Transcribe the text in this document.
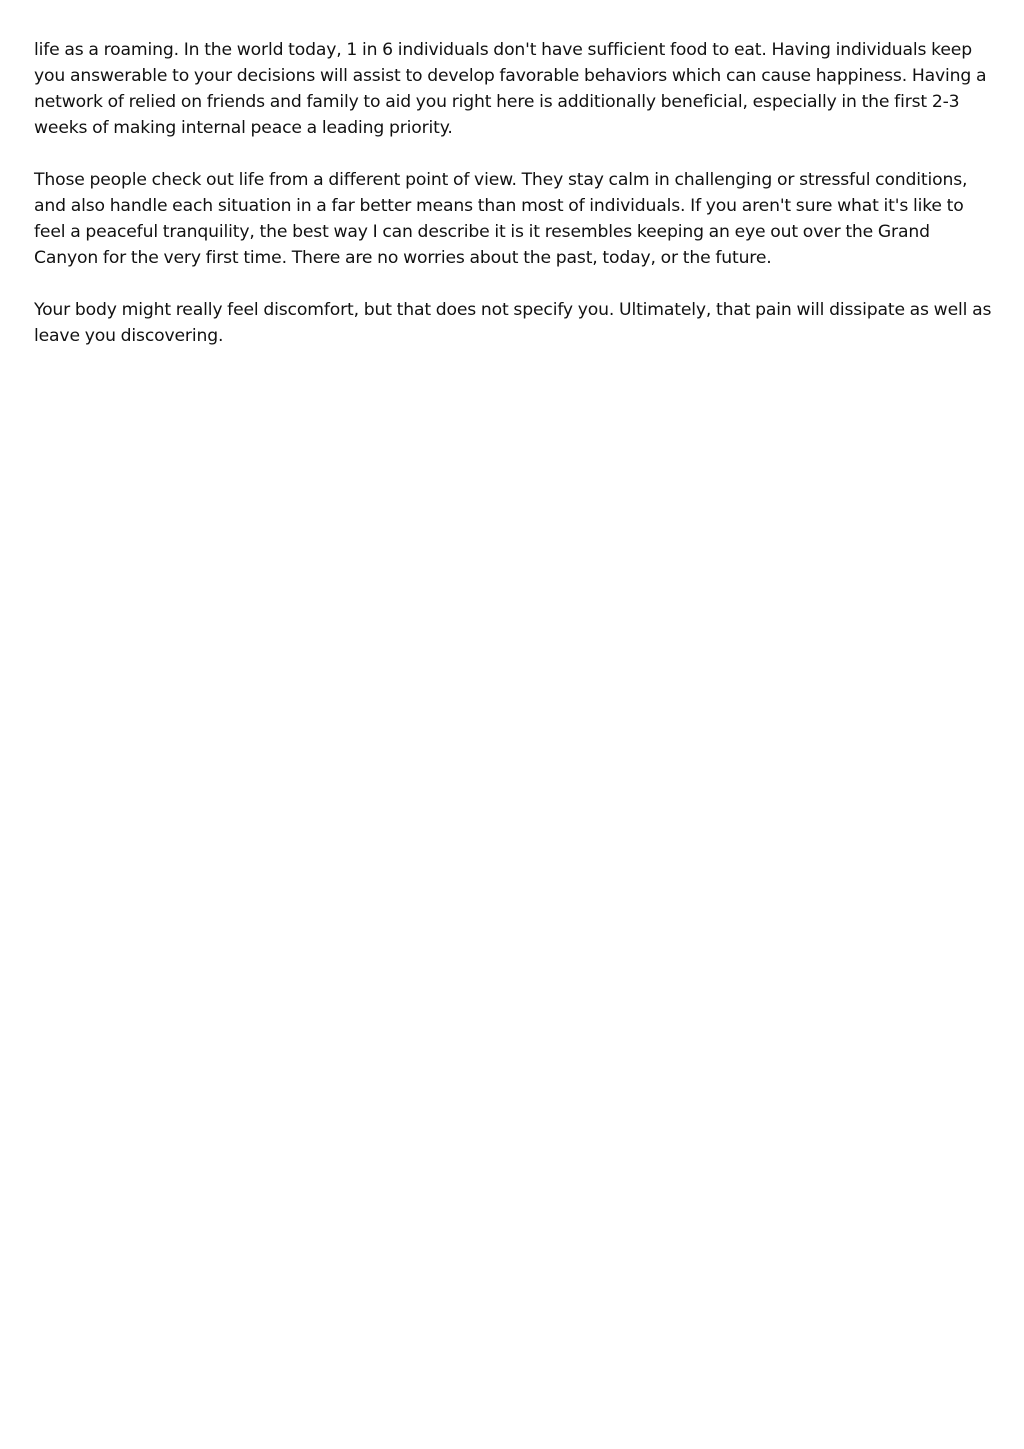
life as a roaming. In the world today, 1 in 6 individuals don't have sufficient food to eat. Having individuals keep you answerable to your decisions will assist to develop favorable behaviors which can cause happiness. Having a network of relied on friends and family to aid you right here is additionally beneficial, especially in the first 2-3 weeks of making internal peace a leading priority.

Those people check out life from a different point of view. They stay calm in challenging or stressful conditions, and also handle each situation in a far better means than most of individuals. If you aren't sure what it's like to feel a peaceful tranquility, the best way I can describe it is it resembles keeping an eye out over the Grand Canyon for the very first time. There are no worries about the past, today, or the future.

Your body might really feel discomfort, but that does not specify you. Ultimately, that pain will dissipate as well as leave you discovering.
